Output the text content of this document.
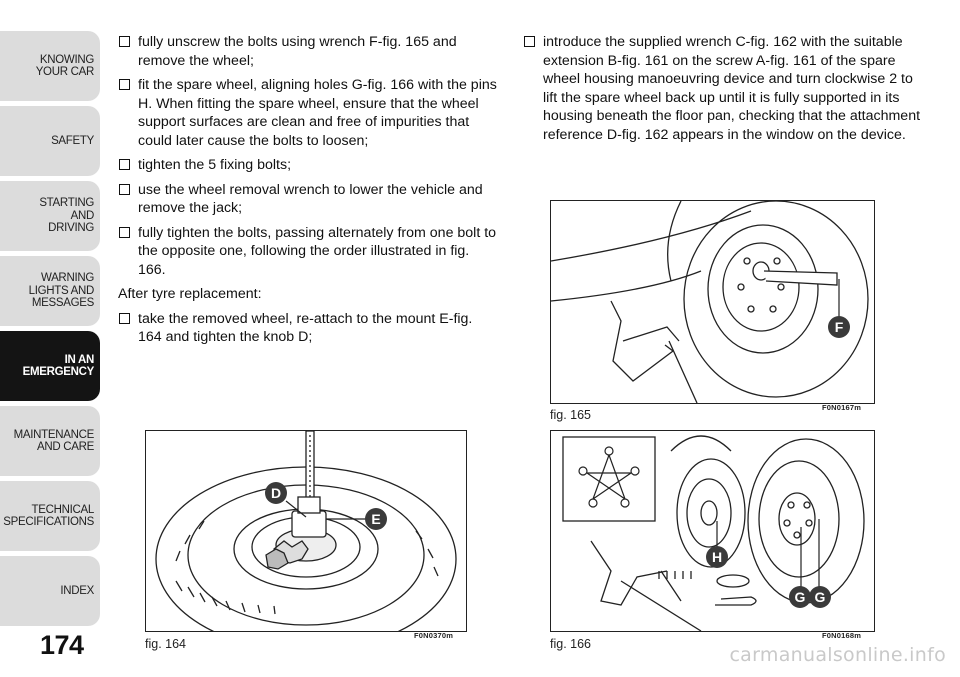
KNOWING
YOUR CAR
SAFETY
STARTING
AND
DRIVING
WARNING
LIGHTS AND
MESSAGES
IN AN
EMERGENCY
MAINTENANCE
AND CARE
TECHNICAL
SPECIFICATIONS
INDEX
174

fully unscrew the bolts using wrench F-fig. 165 and remove the wheel;

fit the spare wheel, aligning holes G-fig. 166 with the pins H. When fitting the spare wheel, ensure that the wheel support surfaces are clean and free of impurities that could later cause the bolts to loosen;

tighten the 5 fixing bolts;

use the wheel removal wrench to lower the vehicle and remove the jack;

fully tighten the bolts, passing alternately from one bolt to the opposite one, following the order illustrated in fig. 166.

After tyre replacement:

take the removed wheel, re-attach to the mount E-fig. 164 and tighten the knob D;

introduce the supplied wrench C-fig. 162 with the suitable extension B-fig. 161 on the screw A-fig. 161 of the spare wheel housing manoeuvring device and turn clockwise 2 to lift the spare wheel back up until it is fully supported in its housing beneath the floor pan, checking that the attachment reference D-fig. 162 appears in the window on the device.

D
E
fig. 164
F0N0370m
F
fig. 165
F0N0167m
H
G G
fig. 166
F0N0168m
carmanualsonline.info
